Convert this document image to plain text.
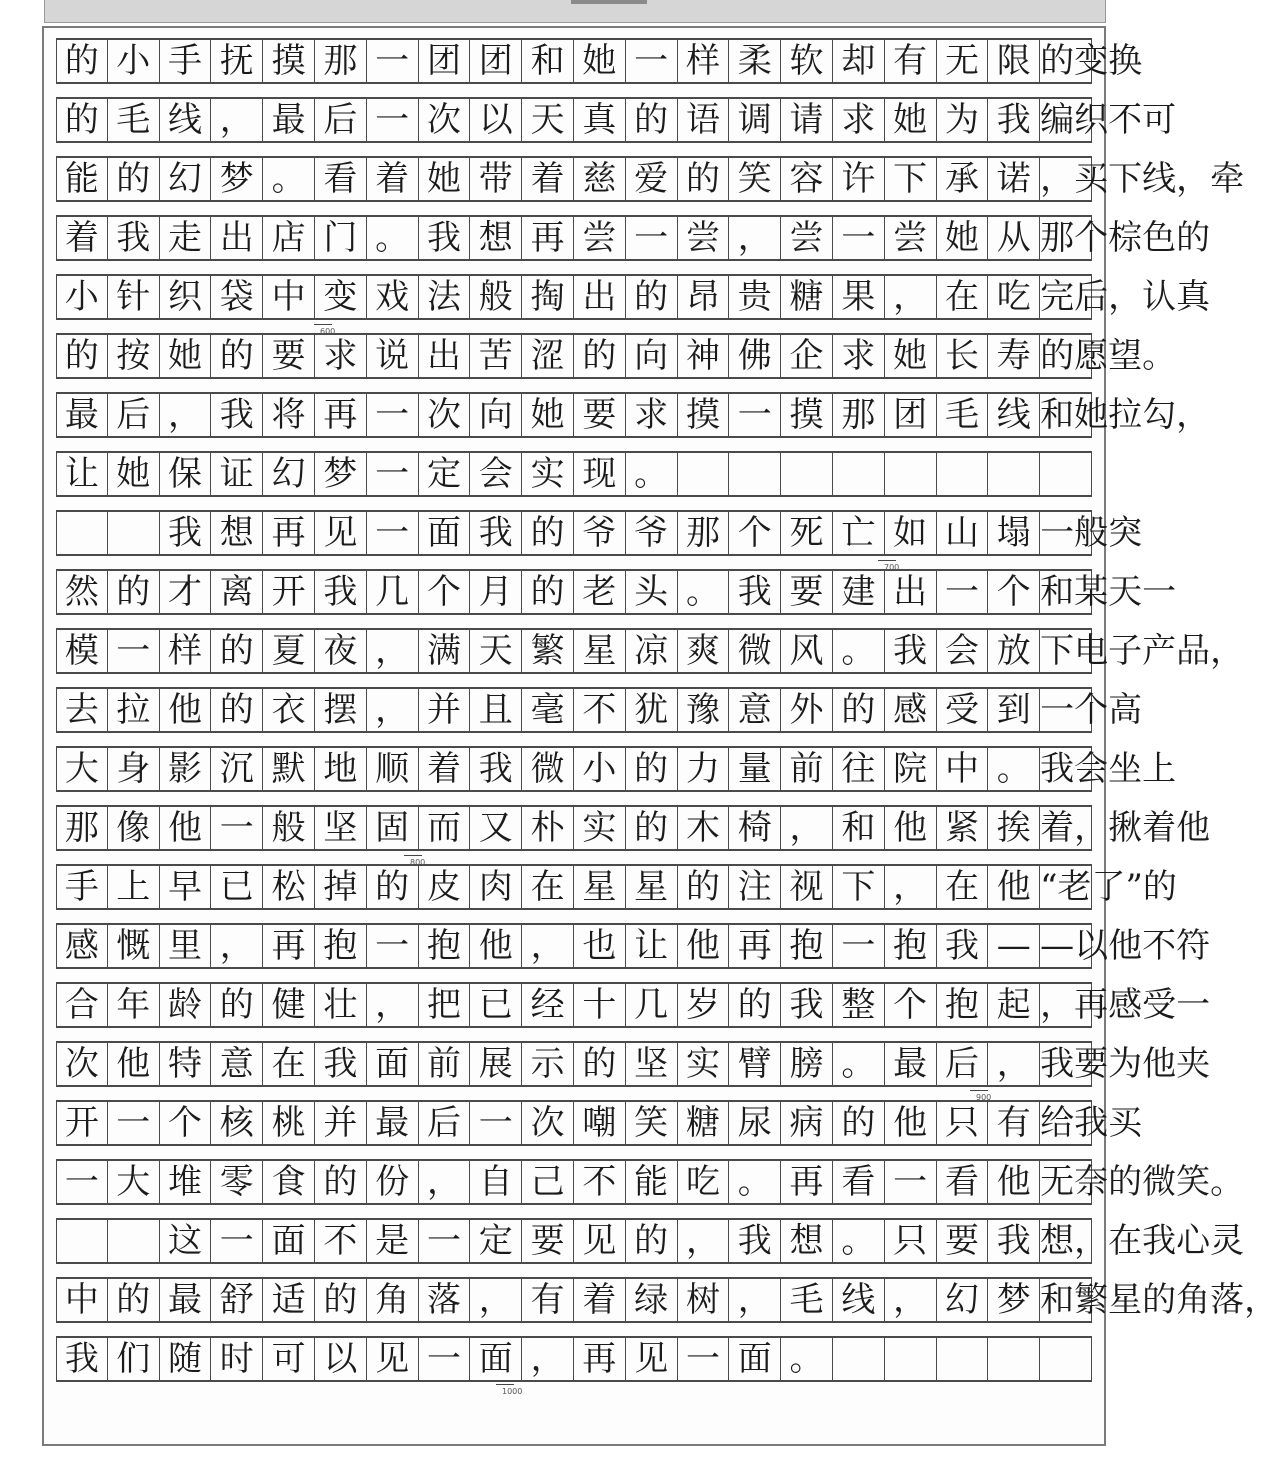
的 小 手 抚 摸 那 一 团 团 和 她 一 样 柔 软 却 有 无 限 的变换
的 毛 线 ， 最 后 一 次 以 天 真 的 语 调 请 求 她 为 我 编织不可
能 的 幻 梦 。 看 着 她 带 着 慈 爱 的 笑 容 许 下 承 诺 ，买下线，牵
着 我 走 出 店 门 。 我 想 再 尝 一 尝 ， 尝 一 尝 她 从 那个棕色的
小 针 织 袋 中 变 戏 法 般 掏 出 的 昂 贵 糖 果 ， 在 吃 完后，认真
的 按 她 的 要 求 说 出 苦 涩 的 向 神 佛 企 求 她 长 寿 的愿望。
最 后 ， 我 将 再 一 次 向 她 要 求 摸 一 摸 那 团 毛 线 和她拉勾，
让 她 保 证 幻 梦 一 定 会 实 现 。
我 想 再 见 一 面 我 的 爷 爷 那 个 死 亡 如 山 塌 一般突
然 的 才 离 开 我 几 个 月 的 老 头 。 我 要 建 出 一 个 和某天一
模 一 样 的 夏 夜 ， 满 天 繁 星 凉 爽 微 风 。 我 会 放 下电子产品，
去 拉 他 的 衣 摆 ， 并 且 毫 不 犹 豫 意 外 的 感 受 到 一个高
大 身 影 沉 默 地 顺 着 我 微 小 的 力 量 前 往 院 中 。 我会坐上
那 像 他 一 般 坚 固 而 又 朴 实 的 木 椅 ， 和 他 紧 挨 着，揪着他
手 上 早 已 松 掉 的 皮 肉 在 星 星 的 注 视 下 ， 在 他 “老了”的
感 慨 里 ， 再 抱 一 抱 他 ， 也 让 他 再 抱 一 抱 我 — —以他不符
合 年 龄 的 健 壮 ， 把 已 经 十 几 岁 的 我 整 个 抱 起 ，再感受一
次 他 特 意 在 我 面 前 展 示 的 坚 实 臂 膀 。 最 后 ， 我要为他夹
开 一 个 核 桃 并 最 后 一 次 嘲 笑 糖 尿 病 的 他 只 有 给我买
一 大 堆 零 食 的 份 ， 自 己 不 能 吃 。 再 看 一 看 他 无奈的微笑。
这 一 面 不 是 一 定 要 见 的 ， 我 想 。 只 要 我 想，在我心灵
中 的 最 舒 适 的 角 落 ， 有 着 绿 树 ， 毛 线 ， 幻 梦 和繁星的角落，
我 们 随 时 可 以 见 一 面 ， 再 见 一 面 。
600
700
800
900
1000
